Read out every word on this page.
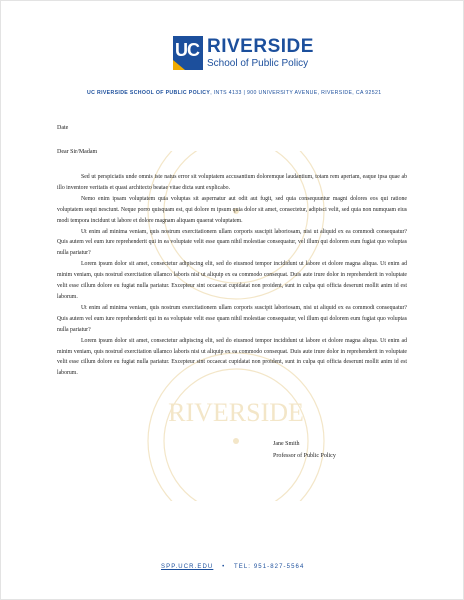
UC RIVERSIDE
School of Public Policy
UC RIVERSIDE SCHOOL OF PUBLIC POLICY, INTS 4133 | 900 UNIVERSITY AVENUE, RIVERSIDE, CA 92521
RIVERSIDE
Date
Dear Sir/Madam

Sed ut perspiciatis unde omnis iste natus error sit voluptatem accusantium doloremque laudantium, totam rem aperiam, eaque ipsa quae ab illo inventore veritatis et quasi architecto beatae vitae dicta sunt explicabo.

Nemo enim ipsam voluptatem quia voluptas sit aspernatur aut odit aut fugit, sed quia consequuntur magni dolores eos qui ratione voluptatem sequi nesciunt. Neque porro quisquam est, qui dolore m ipsum quia dolor sit amet, consectetur, adipisci velit, sed quia non numquam eius modi tempora incidunt ut labore et dolore magnam aliquam quaerat voluptatem.

Ut enim ad minima veniam, quis nostrum exercitationem ullam corporis suscipit laboriosam, nisi ut aliquid ex ea commodi consequatur? Quis autem vel eum iure reprehenderit qui in ea voluptate velit esse quam nihil molestiae consequatur, vel illum qui dolorem eum fugiat quo voluptas nulla pariatur?

Lorem ipsum dolor sit amet, consectetur adipiscing elit, sed do eiusmod tempor incididunt ut labore et dolore magna aliqua. Ut enim ad minim veniam, quis nostrud exercitation ullamco laboris nisi ut aliquip ex ea commodo consequat. Duis aute irure dolor in reprehenderit in voluptate velit esse cillum dolore eu fugiat nulla pariatur. Excepteur sint occaecat cupidatat non proident, sunt in culpa qui officia deserunt mollit anim id est laborum.

Ut enim ad minima veniam, quis nostrum exercitationem ullam corporis suscipit laboriosam, nisi ut aliquid ex ea commodi consequatur? Quis autem vel eum iure reprehenderit qui in ea voluptate velit esse quam nihil molestiae consequatur, vel illum qui dolorem eum fugiat quo voluptas nulla pariatur?

Lorem ipsum dolor sit amet, consectetur adipiscing elit, sed do eiusmod tempor incididunt ut labore et dolore magna aliqua. Ut enim ad minim veniam, quis nostrud exercitation ullamco laboris nisi ut aliquip ex ea commodo consequat. Duis aute irure dolor in reprehenderit in voluptate velit esse cillum dolore eu fugiat nulla pariatur. Excepteur sint occaecat cupidatat non proident, sunt in culpa qui officia deserunt mollit anim id est laborum.

Jane Smith
Professor of Public Policy
SPP.UCR.EDU • TEL: 951-827-5564
